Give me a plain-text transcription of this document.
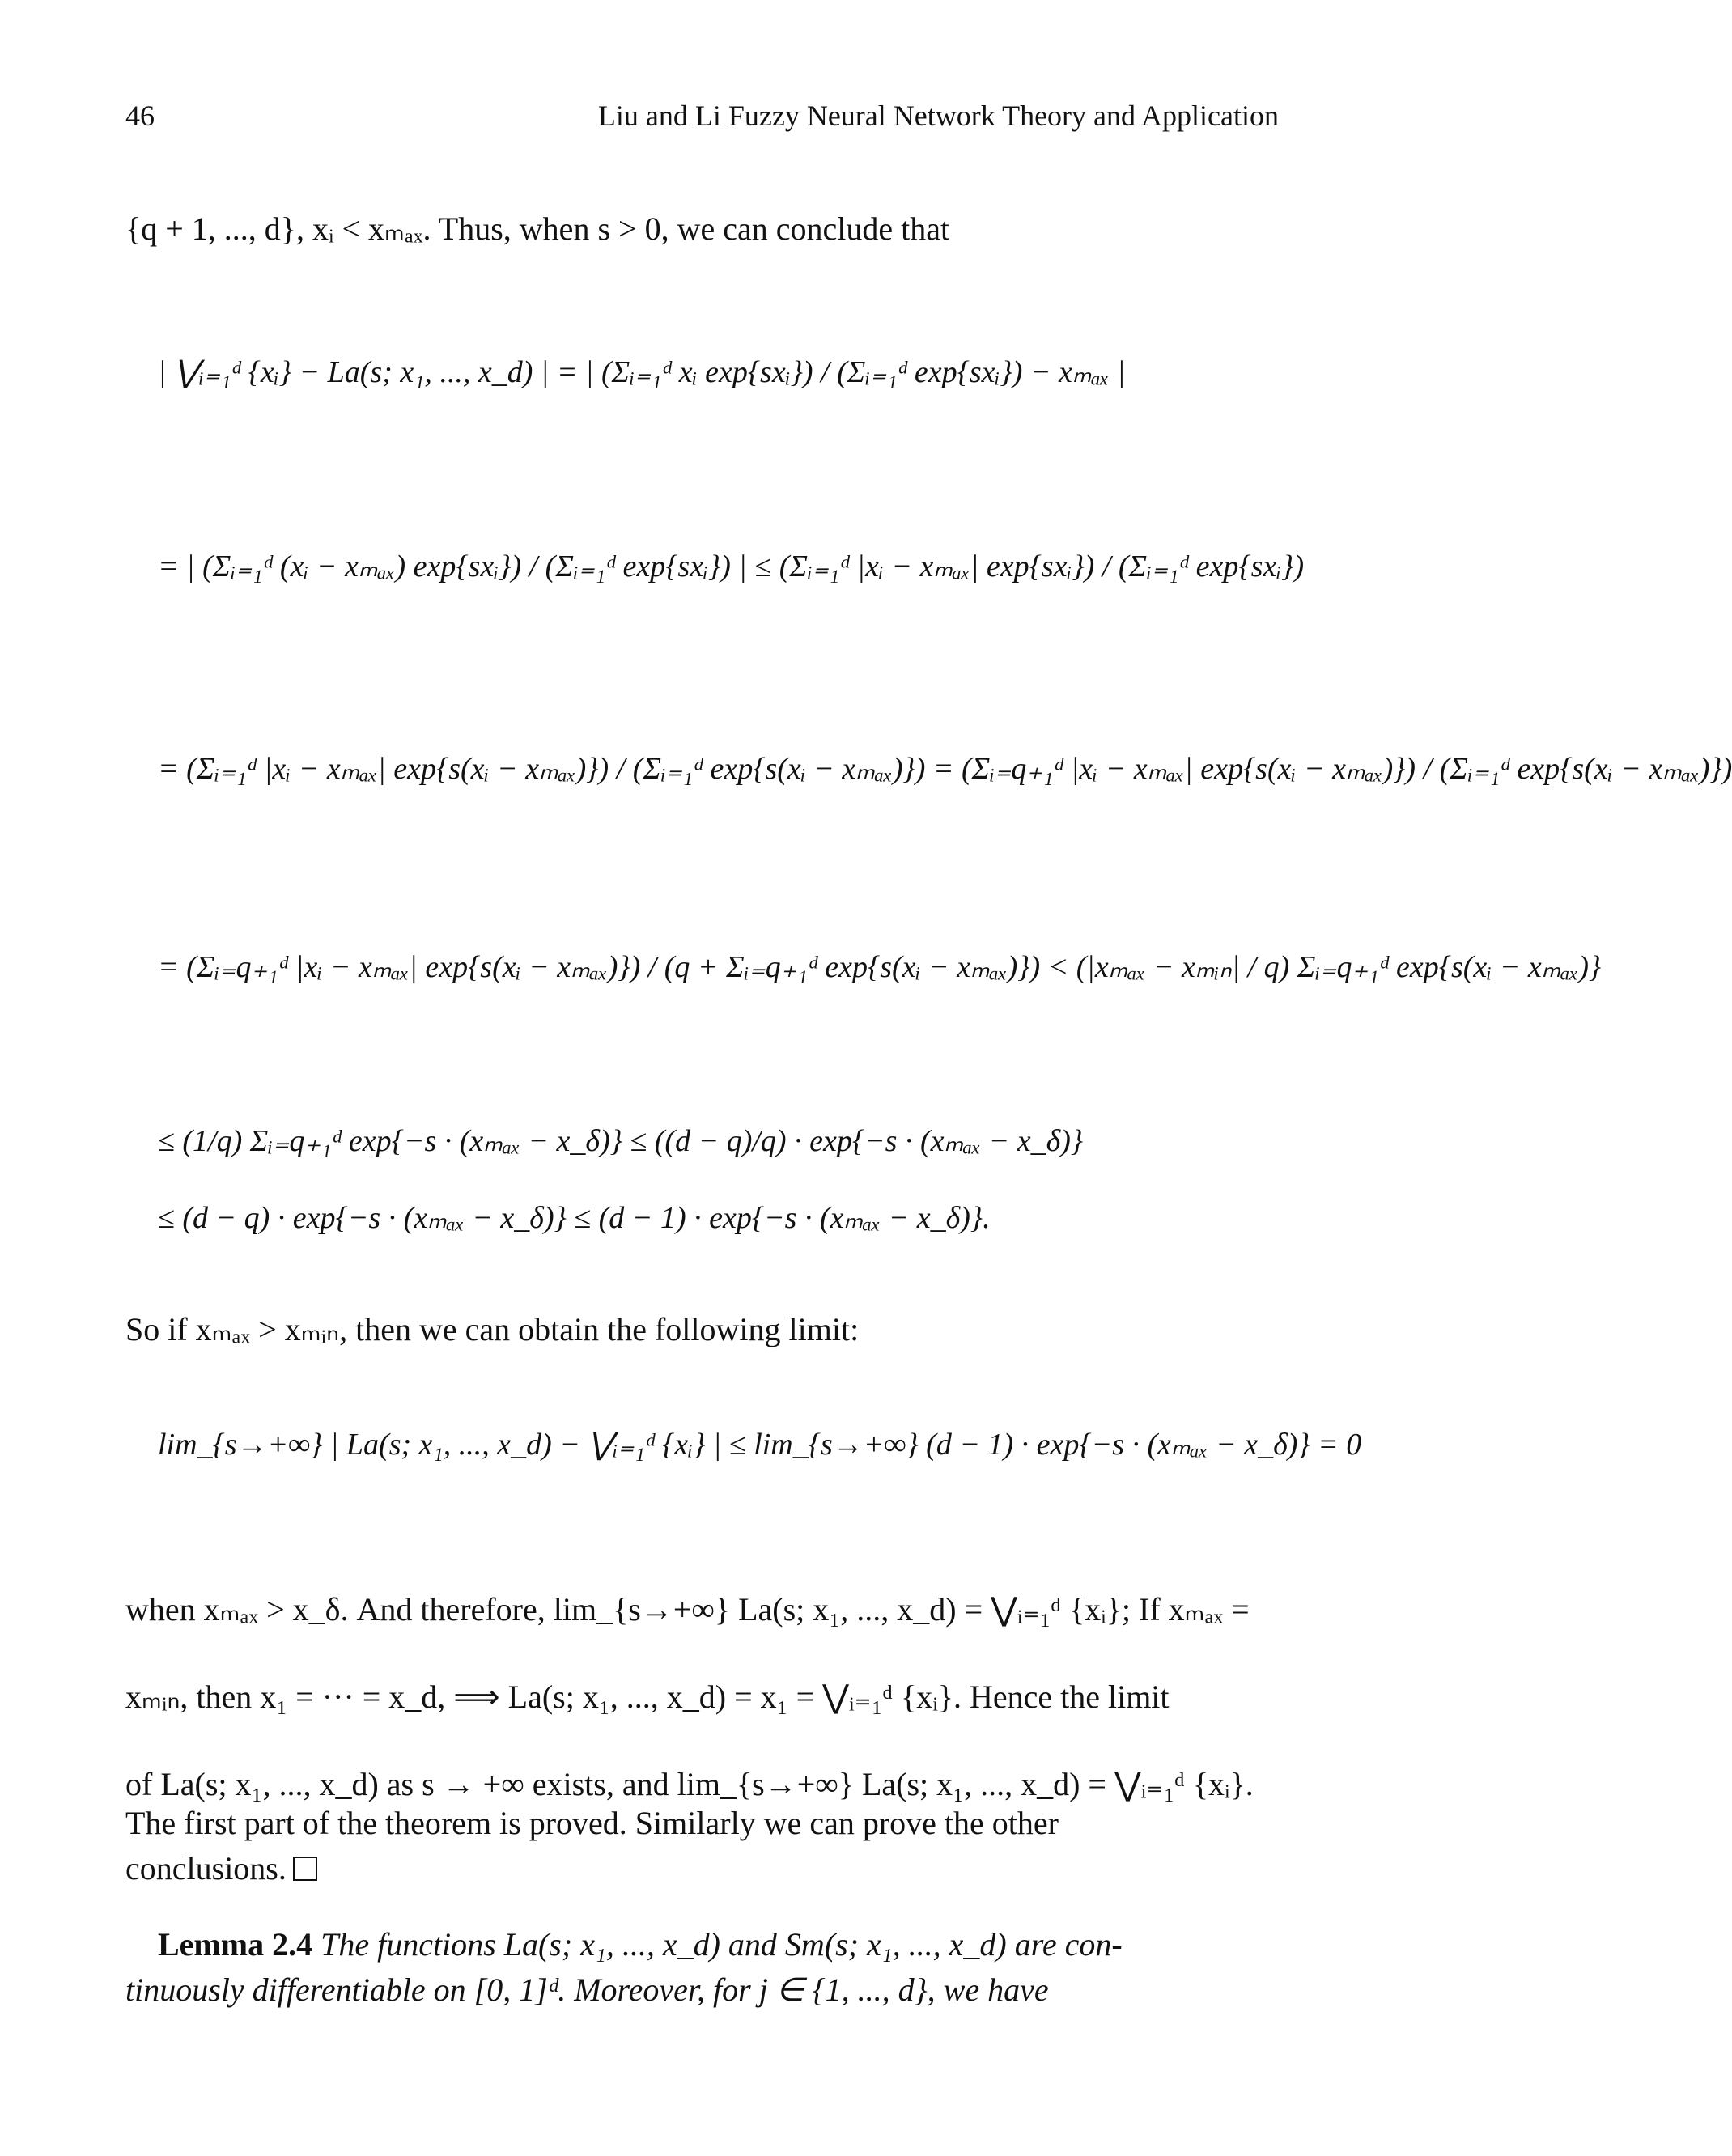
46	Liu and Li Fuzzy Neural Network Theory and Application
{q + 1, ..., d}, xᵢ < xₘₐₓ. Thus, when s > 0, we can conclude that
| ⋁ᵢ₌₁ᵈ {xᵢ} − La(s; x₁, ..., x_d) | = | (Σᵢ₌₁ᵈ xᵢ exp{sxᵢ}) / (Σᵢ₌₁ᵈ exp{sxᵢ}) − xₘₐₓ |
= | (Σᵢ₌₁ᵈ (xᵢ − xₘₐₓ) exp{sxᵢ}) / (Σᵢ₌₁ᵈ exp{sxᵢ}) | ≤ (Σᵢ₌₁ᵈ |xᵢ − xₘₐₓ| exp{sxᵢ}) / (Σᵢ₌₁ᵈ exp{sxᵢ})
= (Σᵢ₌₁ᵈ |xᵢ − xₘₐₓ| exp{s(xᵢ − xₘₐₓ)}) / (Σᵢ₌₁ᵈ exp{s(xᵢ − xₘₐₓ)}) = (Σᵢ₌q₊₁ᵈ |xᵢ − xₘₐₓ| exp{s(xᵢ − xₘₐₓ)}) / (Σᵢ₌₁ᵈ exp{s(xᵢ − xₘₐₓ)})
= (Σᵢ₌q₊₁ᵈ |xᵢ − xₘₐₓ| exp{s(xᵢ − xₘₐₓ)}) / (q + Σᵢ₌q₊₁ᵈ exp{s(xᵢ − xₘₐₓ)}) < (|xₘₐₓ − xₘᵢₙ| / q) Σᵢ₌q₊₁ᵈ exp{s(xᵢ − xₘₐₓ)}
≤ (1/q) Σᵢ₌q₊₁ᵈ exp{−s · (xₘₐₓ − x_δ)} ≤ ((d − q)/q) · exp{−s · (xₘₐₓ − x_δ)}
≤ (d − q) · exp{−s · (xₘₐₓ − x_δ)} ≤ (d − 1) · exp{−s · (xₘₐₓ − x_δ)}.
So if xₘₐₓ > xₘᵢₙ, then we can obtain the following limit:
lim_{s→+∞} | La(s; x₁, ..., x_d) − ⋁ᵢ₌₁ᵈ {xᵢ} | ≤ lim_{s→+∞} (d − 1) · exp{−s · (xₘₐₓ − x_δ)} = 0
when xₘₐₓ > x_δ. And therefore, lim_{s→+∞} La(s; x₁, ..., x_d) = ⋁ᵢ₌₁ᵈ {xᵢ}; If xₘₐₓ =
xₘᵢₙ, then x₁ = ··· = x_d, ⟹ La(s; x₁, ..., x_d) = x₁ = ⋁ᵢ₌₁ᵈ {xᵢ}. Hence the limit
of La(s; x₁, ..., x_d) as s → +∞ exists, and lim_{s→+∞} La(s; x₁, ..., x_d) = ⋁ᵢ₌₁ᵈ {xᵢ}.
The first part of the theorem is proved. Similarly we can prove the other
conclusions.
Lemma 2.4 The functions La(s; x₁, ..., x_d) and Sm(s; x₁, ..., x_d) are con-
tinuously differentiable on [0, 1]ᵈ. Moreover, for j ∈ {1, ..., d}, we have
